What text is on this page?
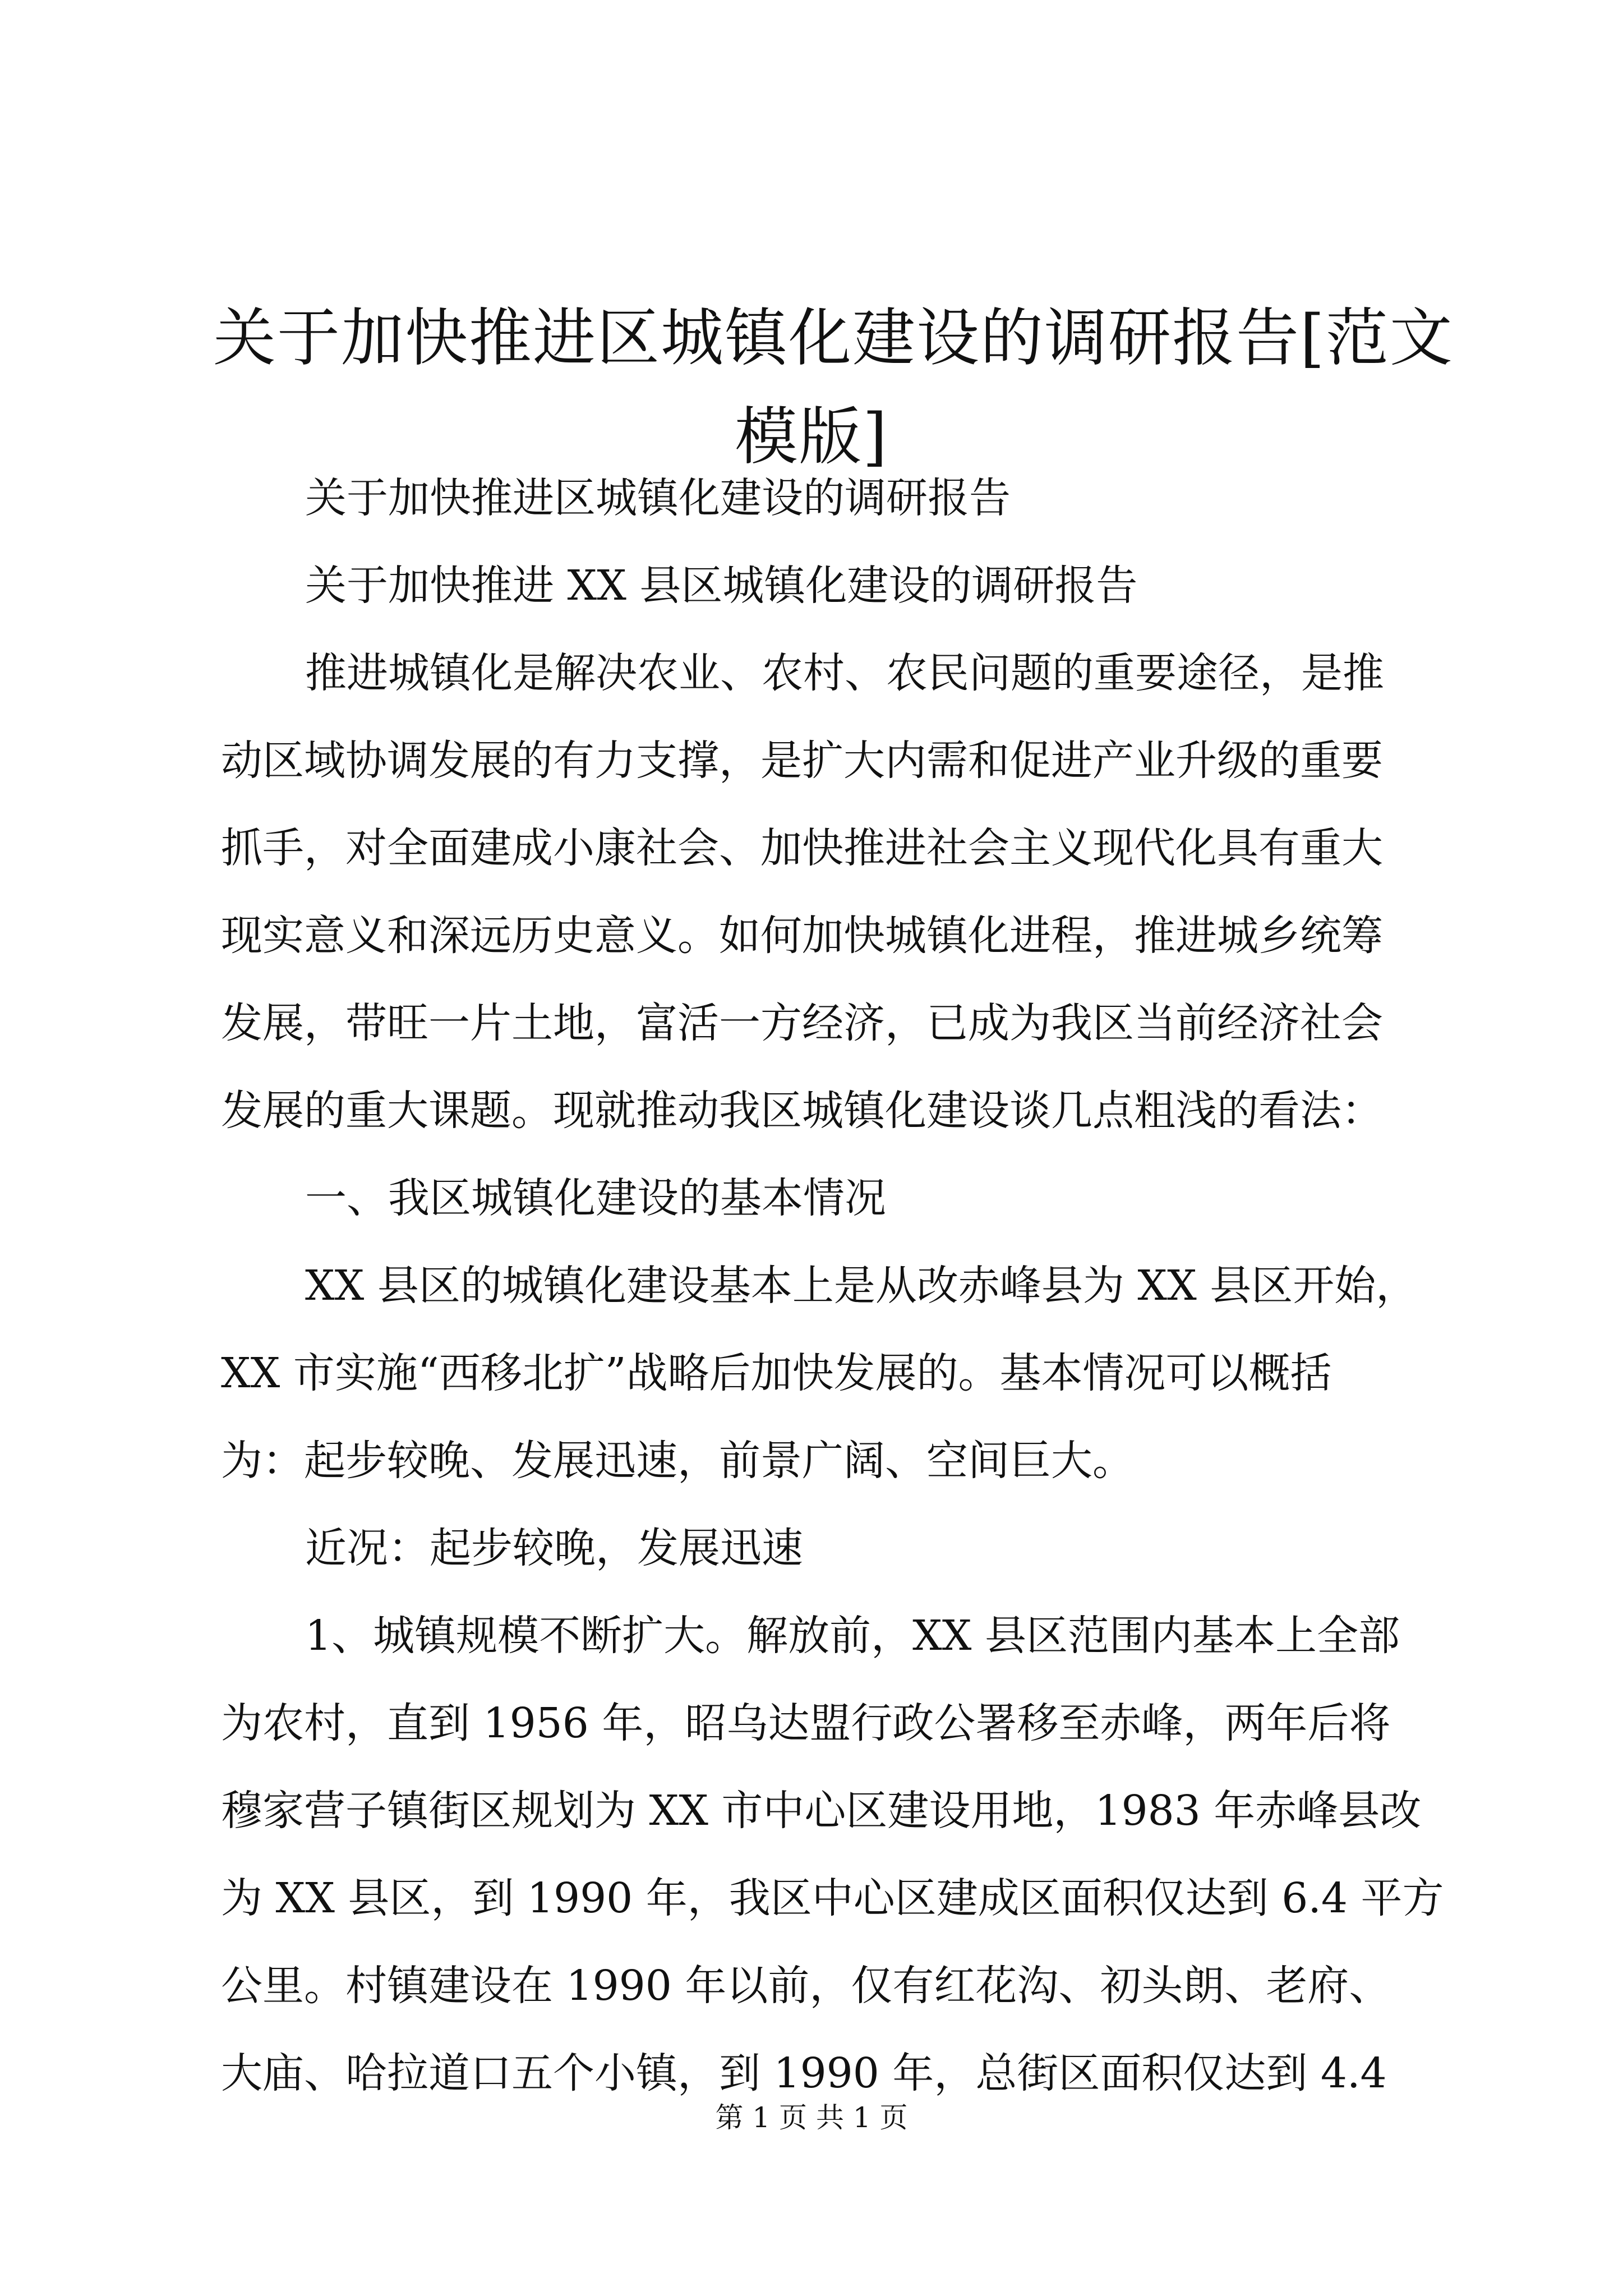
关于加快推进区城镇化建设的调研报告[范文
模版]
关于加快推进区城镇化建设的调研报告
关于加快推进 XX 县区城镇化建设的调研报告
推进城镇化是解决农业、农村、农民问题的重要途径，是推
动区域协调发展的有力支撑，是扩大内需和促进产业升级的重要
抓手，对全面建成小康社会、加快推进社会主义现代化具有重大
现实意义和深远历史意义。如何加快城镇化进程，推进城乡统筹
发展，带旺一片土地，富活一方经济，已成为我区当前经济社会
发展的重大课题。现就推动我区城镇化建设谈几点粗浅的看法：
一、我区城镇化建设的基本情况
XX 县区的城镇化建设基本上是从改赤峰县为 XX 县区开始，
XX 市实施“西移北扩”战略后加快发展的。基本情况可以概括
为：起步较晚、发展迅速，前景广阔、空间巨大。
近况：起步较晚，发展迅速
1、城镇规模不断扩大。解放前，XX 县区范围内基本上全部
为农村，直到 1956 年，昭乌达盟行政公署移至赤峰，两年后将
穆家营子镇街区规划为 XX 市中心区建设用地，1983 年赤峰县改
为 XX 县区，到 1990 年，我区中心区建成区面积仅达到 6.4 平方
公里。村镇建设在 1990 年以前，仅有红花沟、初头朗、老府、
大庙、哈拉道口五个小镇，到 1990 年，总街区面积仅达到 4.4
第 1 页 共 1 页
